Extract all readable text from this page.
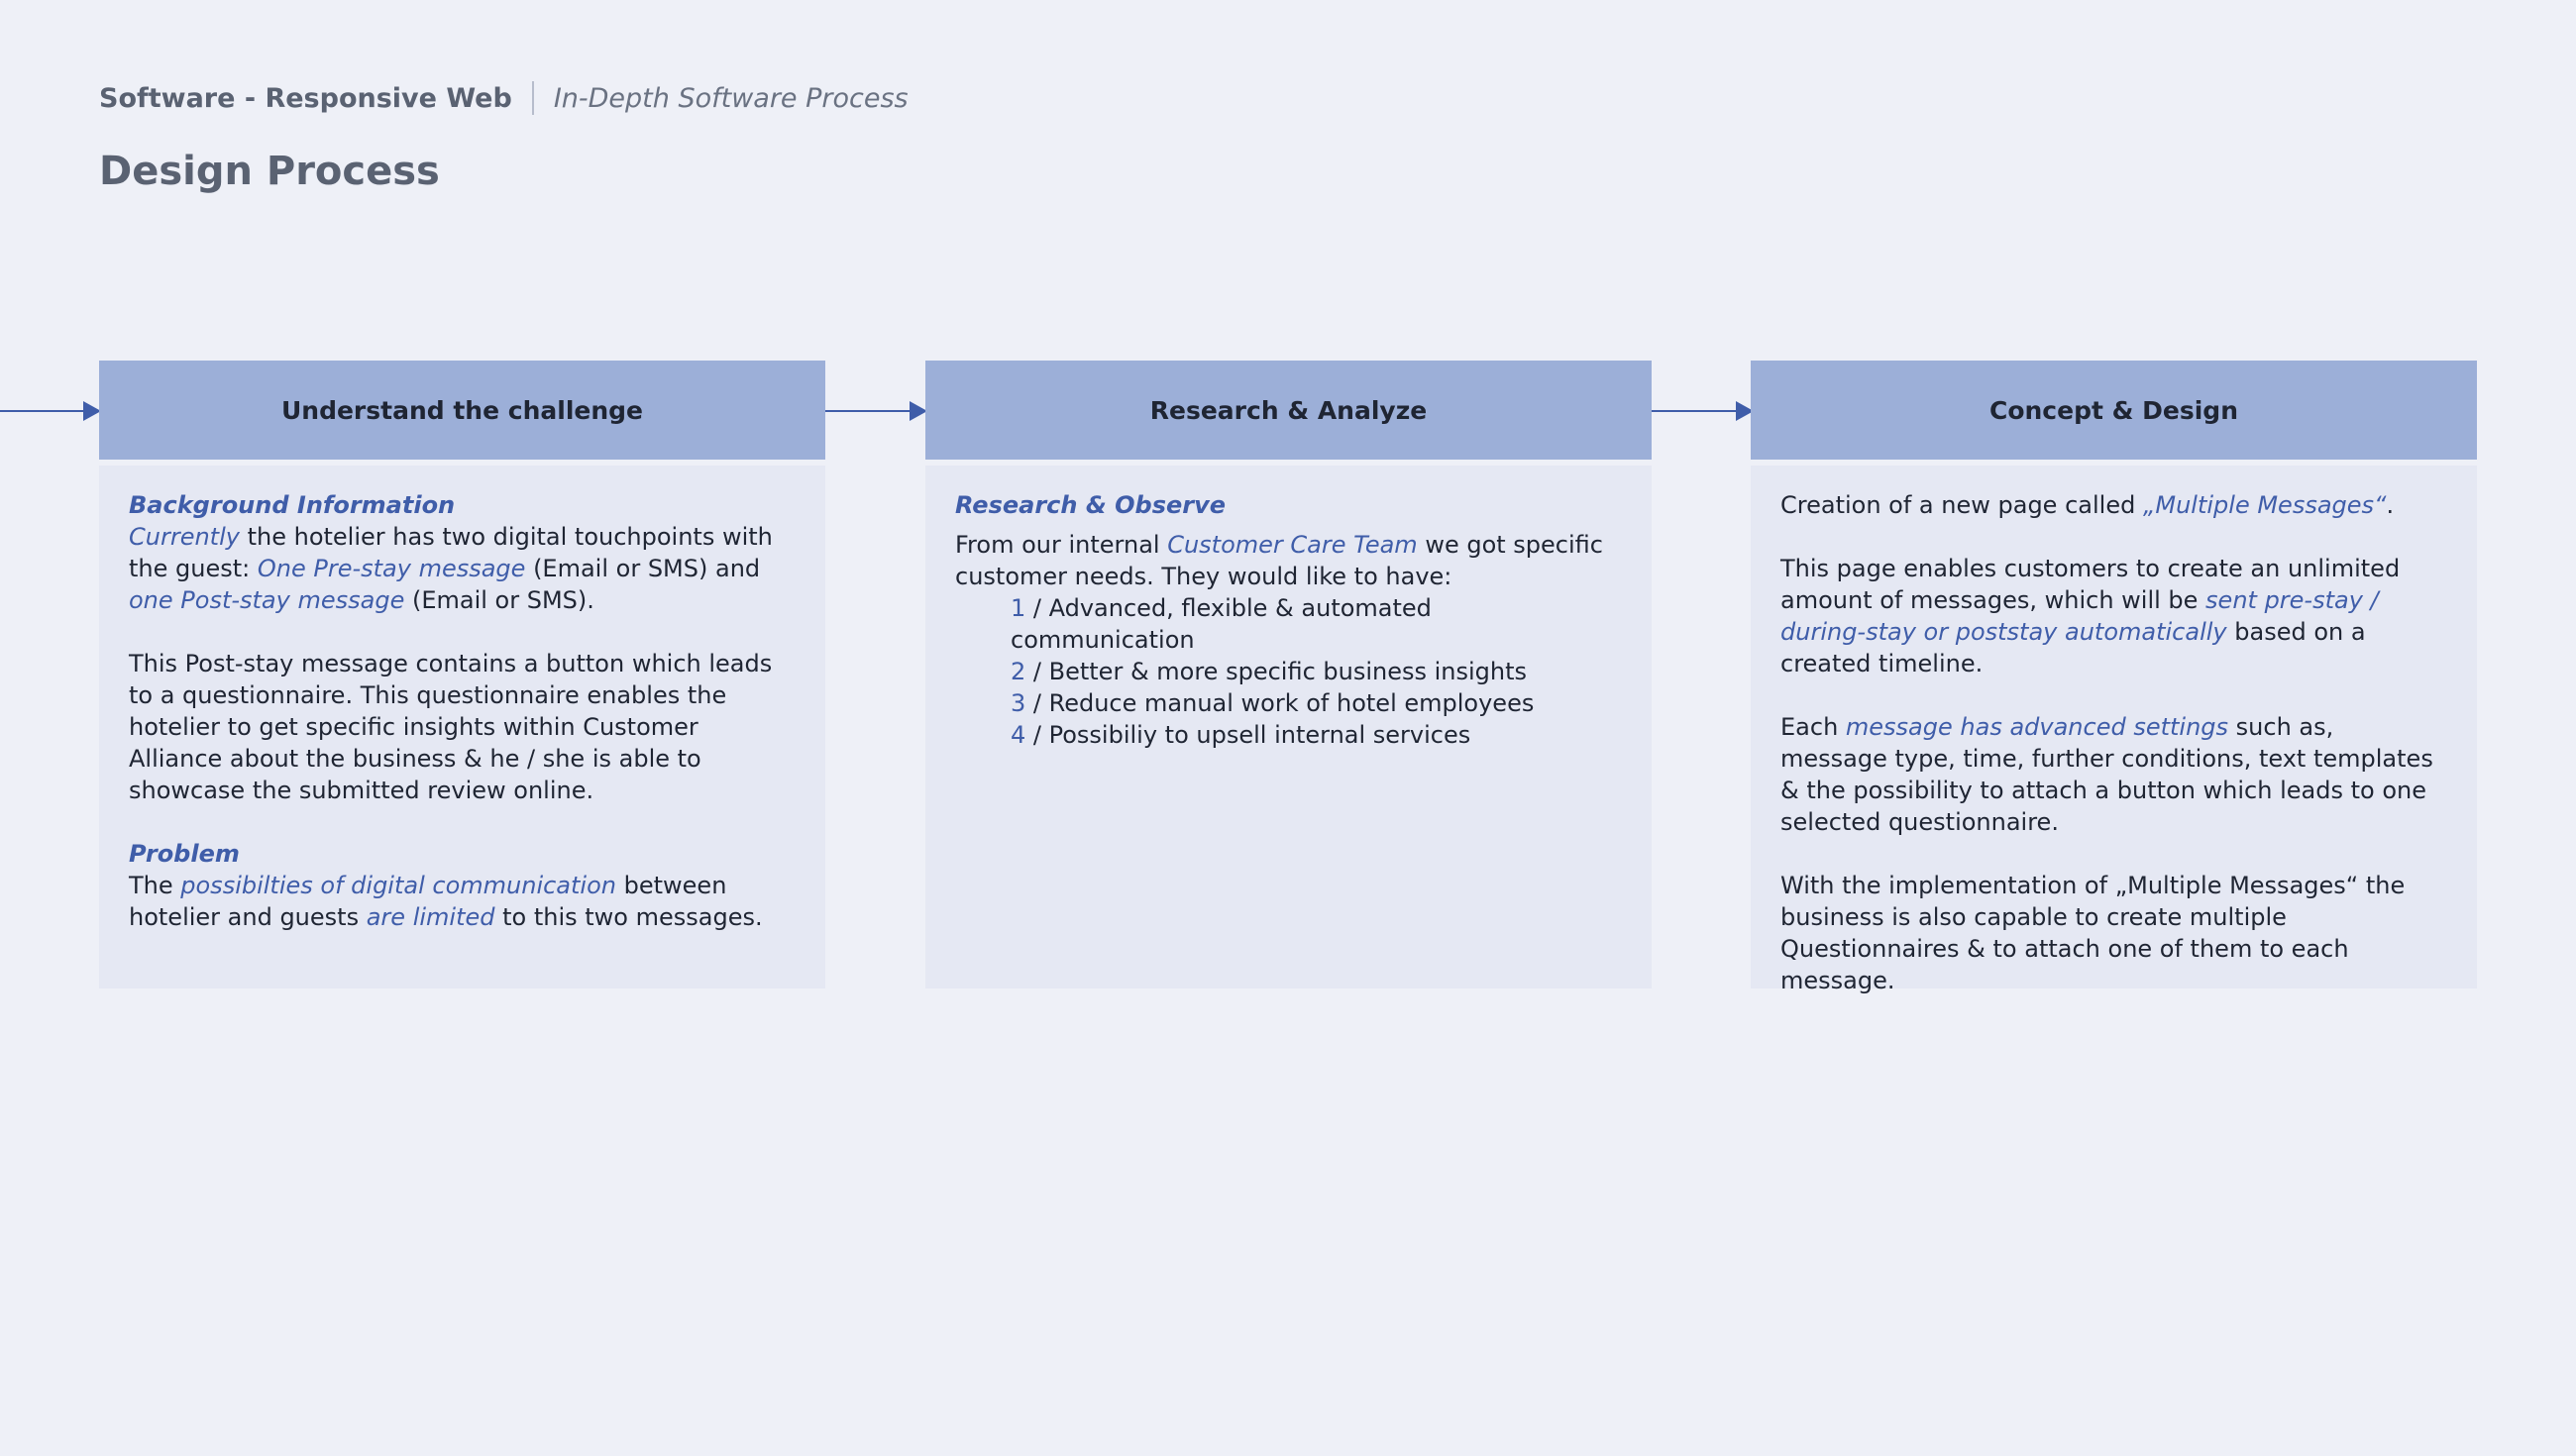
Software - Responsive Web In-Depth Software Process
Design Process
Understand the challenge

Background Information
Currently the hotelier has two digital touchpoints with the guest: One Pre-stay message (Email or SMS) and one Post-stay message (Email or SMS).

This Post-stay message contains a button which leads to a questionnaire. This questionnaire enables the hotelier to get specific insights within Customer Alliance about the business & he / she is able to showcase the submitted review online.

Problem
The possibilties of digital communication between hotelier and guests are limited to this two messages.

Research & Analyze
Research & Observe
From our internal Customer Care Team we got specific customer needs. They would like to have:
1 / Advanced, flexible & automated communication
2 / Better & more specific business insights
3 / Reduce manual work of hotel employees
4 / Possibiliy to upsell internal services
Concept & Design

Creation of a new page called „Multiple Messages“.

This page enables customers to create an unlimited amount of messages, which will be sent pre-stay / during-stay or poststay automatically based on a created timeline.

Each message has advanced settings such as, message type, time, further conditions, text templates & the possibility to attach a button which leads to one selected questionnaire.

With the implementation of „Multiple Messages“ the business is also capable to create multiple Questionnaires & to attach one of them to each message.
